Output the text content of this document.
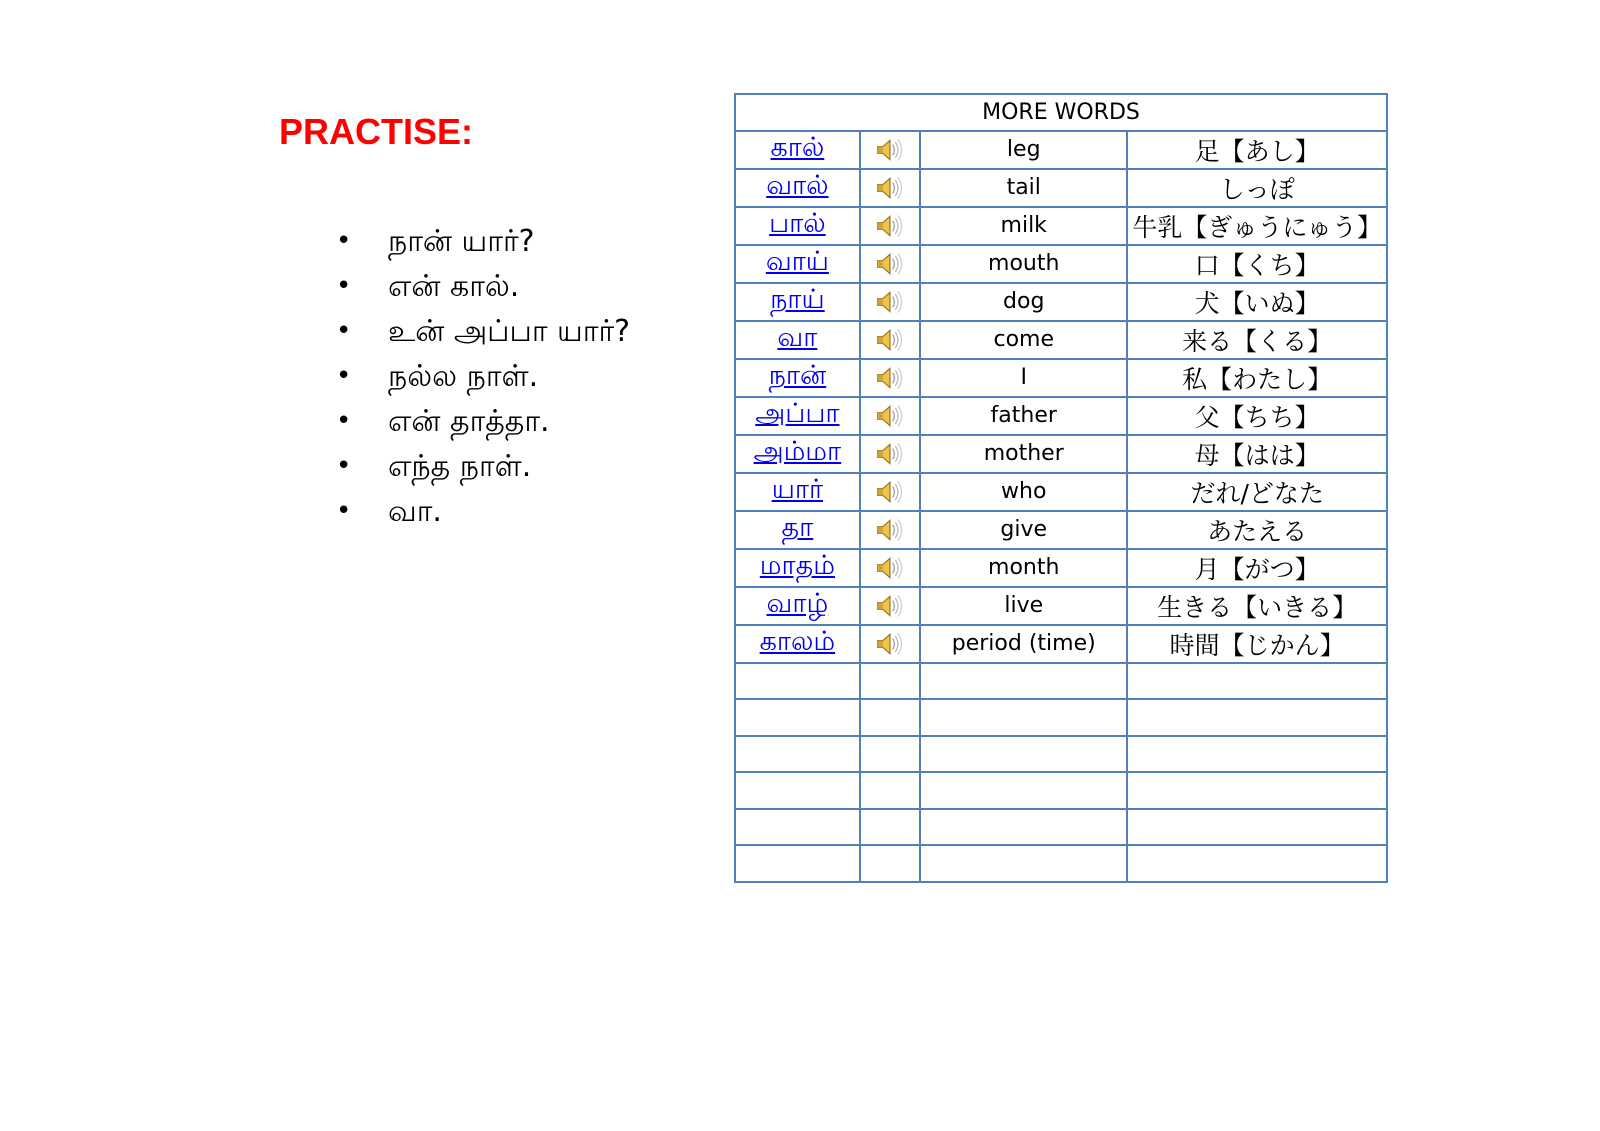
PRACTISE:
• நான் யார்?
• என் கால்.
• உன் அப்பா யார்?
• நல்ல நாள்.
• என் தாத்தா.
• எந்த நாள்.
• வா.
MORE WORDS			
கால்		leg	足【あし】
வால்		tail	しっぽ
பால்		milk	牛乳【ぎゅうにゅう】
வாய்		mouth	口【くち】
நாய்		dog	犬【いぬ】
வா		come	来る【くる】
நான்		I	私【わたし】
அப்பா		father	父【ちち】
அம்மா		mother	母【はは】
யார்		who	だれ/どなた
தா		give	あたえる
மாதம்		month	月【がつ】
வாழ்		live	生きる【いきる】
காலம்		period (time)	時間【じかん】
